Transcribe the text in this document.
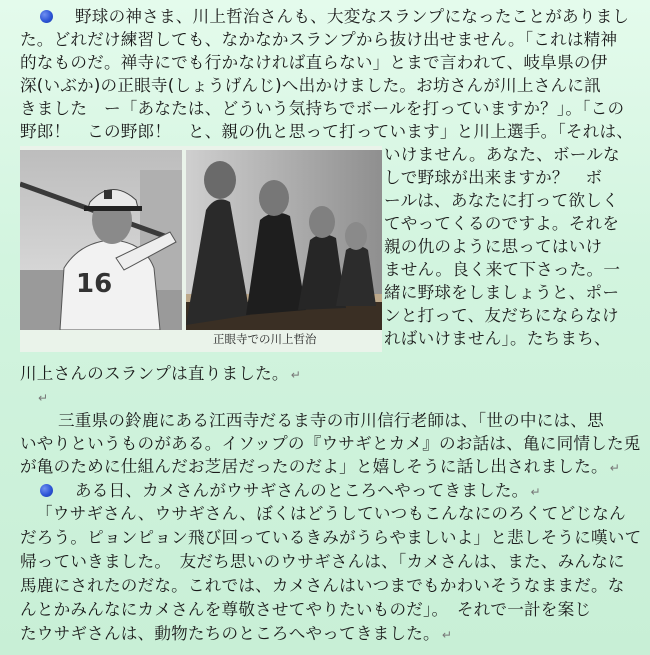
野球の神さま、川上哲治さんも、大変なスランプになったことがありまし
た。どれだけ練習しても、なかなかスランプから抜け出せません。「これは精神
的なものだ。禅寺にでも行かなければ直らない」とまで言われて、岐阜県の伊
深(いぶか)の正眼寺(しょうげんじ)へ出かけました。お坊さんが川上さんに訊
きました　ー「あなたは、どういう気持ちでボールを打っていますか？」。「この
野郎！　この野郎！　と、親の仇と思って打っています」と川上選手。「それは、
16
正眼寺での川上哲治
いけません。あなた、ボールな
しで野球が出来ますか？　ボ
ールは、あなたに打って欲しく
てやってくるのですよ。それを
親の仇のように思ってはいけ
ません。良く来て下さった。一
緒に野球をしましょうと、ポー
ンと打って、友だちにならなけ
ればいけません」。たちまち、
川上さんのスランプは直りました。 ↵
↵
三重県の鈴鹿にある江西寺だるま寺の市川信行老師は、「世の中には、思
いやりというものがある。イソップの『ウサギとカメ』のお話は、亀に同情した兎
が亀のために仕組んだお芝居だったのだよ」と嬉しそうに話し出されました。 ↵
ある日、カメさんがウサギさんのところへやってきました。 ↵
「ウサギさん、ウサギさん、ぼくはどうしていつもこんなにのろくてどじなん
だろう。ピョンピョン飛び回っているきみがうらやましいよ」と悲しそうに嘆いて
帰っていきました。　友だち思いのウサギさんは、「カメさんは、また、みんなに
馬鹿にされたのだな。これでは、カメさんはいつまでもかわいそうなままだ。な
んとかみんなにカメさんを尊敬させてやりたいものだ」。　それで一計を案じ
たウサギさんは、動物たちのところへやってきました。 ↵
